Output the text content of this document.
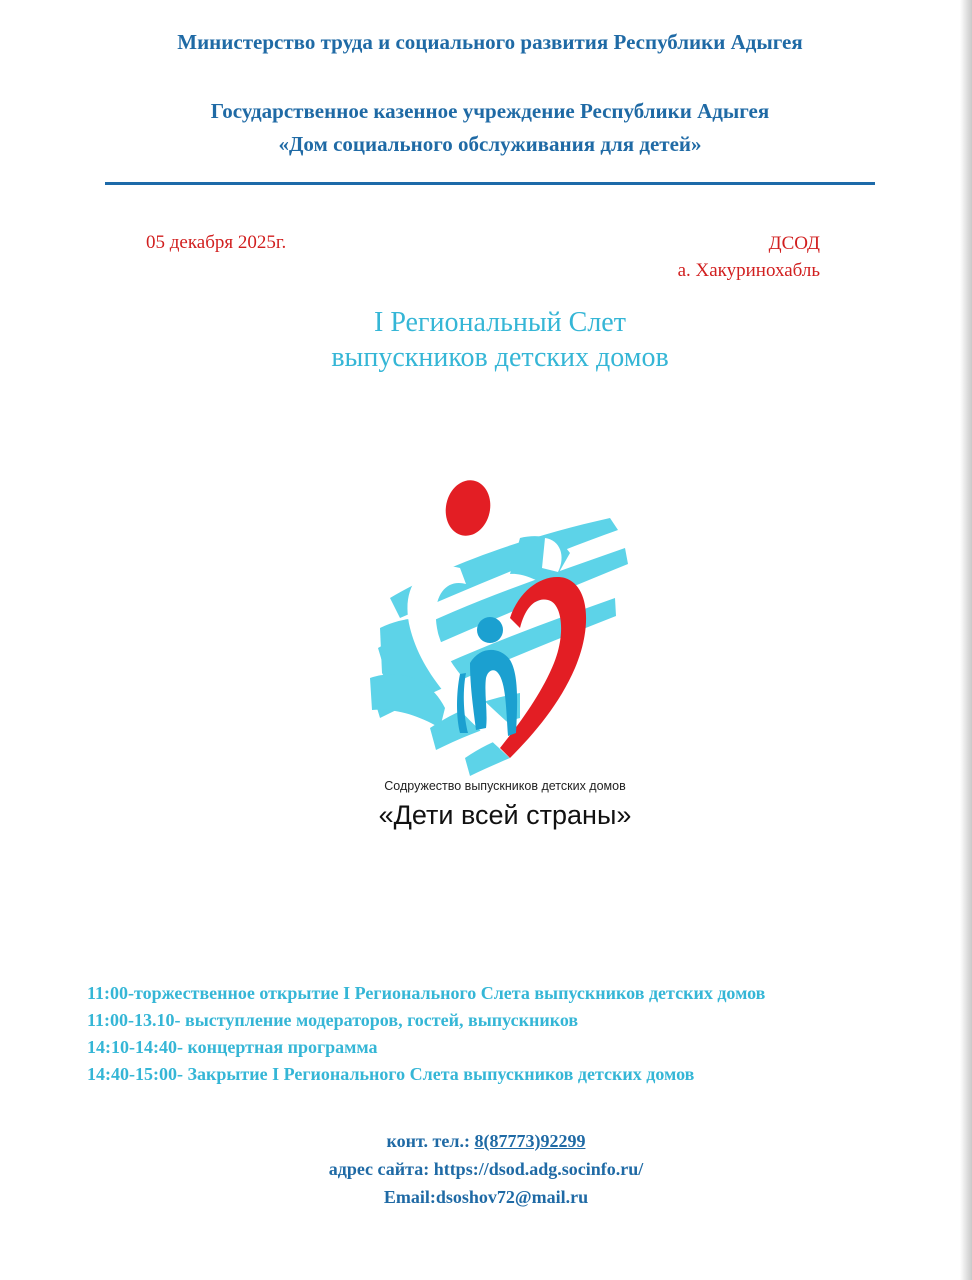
Министерство труда и социального развития Республики Адыгея
Государственное казенное учреждение Республики Адыгея
«Дом социального обслуживания для детей»
05 декабря 2025г.	ДСОД
а. Хакуринохабль
I Региональный Слет
выпускников детских домов
Содружество выпускников детских домов
«Дети всей страны»
11:00-торжественное открытие I Регионального Слета выпускников детских домов
11:00-13.10- выступление модераторов, гостей, выпускников
14:10-14:40- концертная программа
14:40-15:00- Закрытие I Регионального Слета выпускников детских домов
конт. тел.: 8(87773)92299
адрес сайта: https://dsod.adg.socinfo.ru/
Email:dsoshov72@mail.ru
